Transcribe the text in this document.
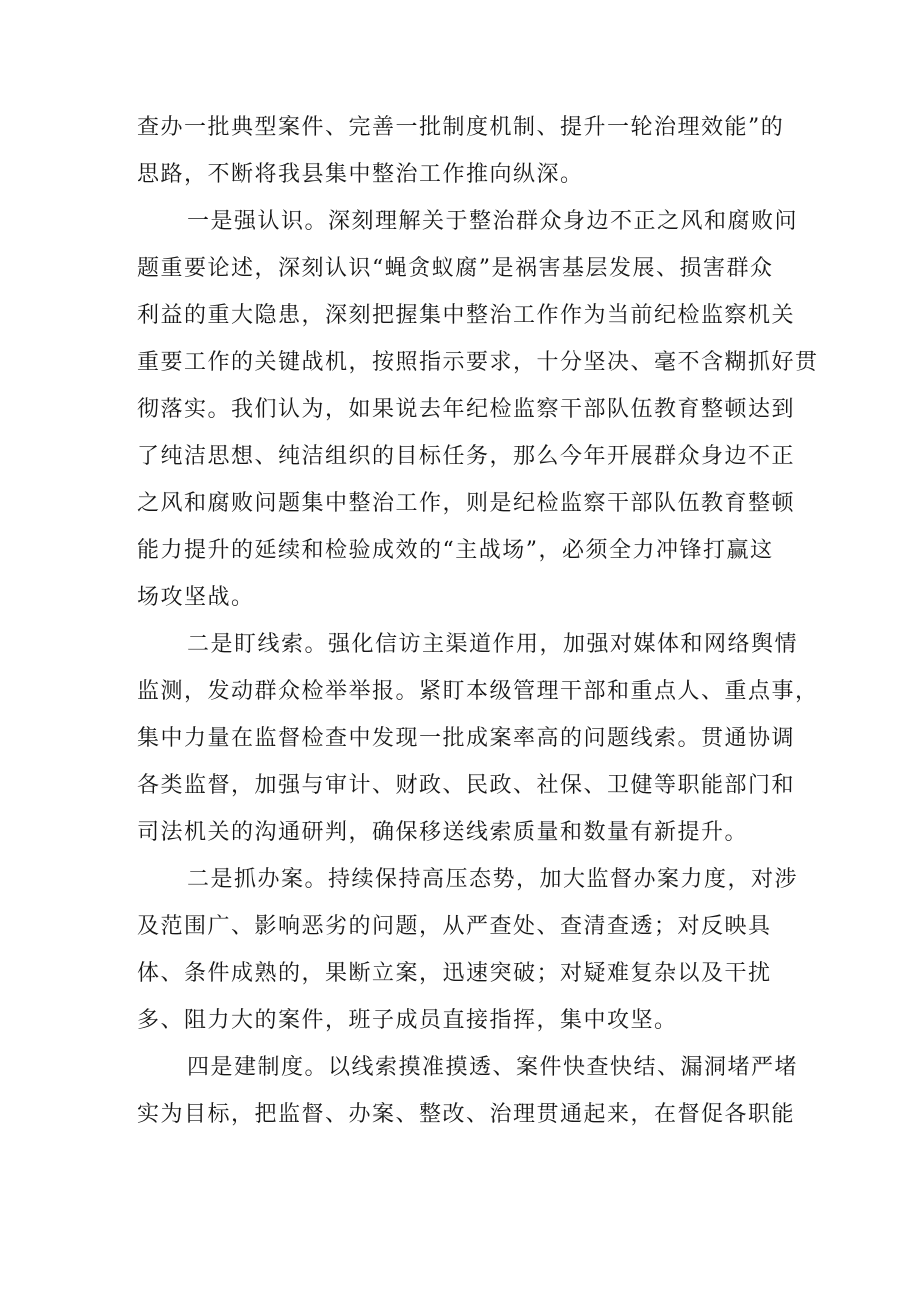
查办一批典型案件、完善一批制度机制、提升一轮治理效能”的
思路，不断将我县集中整治工作推向纵深。
一是强认识。深刻理解关于整治群众身边不正之风和腐败问
题重要论述，深刻认识“蝇贪蚁腐”是祸害基层发展、损害群众
利益的重大隐患，深刻把握集中整治工作作为当前纪检监察机关
重要工作的关键战机，按照指示要求，十分坚决、毫不含糊抓好贯
彻落实。我们认为，如果说去年纪检监察干部队伍教育整顿达到
了纯洁思想、纯洁组织的目标任务，那么今年开展群众身边不正
之风和腐败问题集中整治工作，则是纪检监察干部队伍教育整顿
能力提升的延续和检验成效的“主战场”，必须全力冲锋打赢这
场攻坚战。
二是盯线索。强化信访主渠道作用，加强对媒体和网络舆情
监测，发动群众检举举报。紧盯本级管理干部和重点人、重点事，
集中力量在监督检查中发现一批成案率高的问题线索。贯通协调
各类监督，加强与审计、财政、民政、社保、卫健等职能部门和
司法机关的沟通研判，确保移送线索质量和数量有新提升。
二是抓办案。持续保持高压态势，加大监督办案力度，对涉
及范围广、影响恶劣的问题，从严查处、查清查透；对反映具
体、条件成熟的，果断立案，迅速突破；对疑难复杂以及干扰
多、阻力大的案件，班子成员直接指挥，集中攻坚。
四是建制度。以线索摸准摸透、案件快查快结、漏洞堵严堵
实为目标，把监督、办案、整改、治理贯通起来，在督促各职能
